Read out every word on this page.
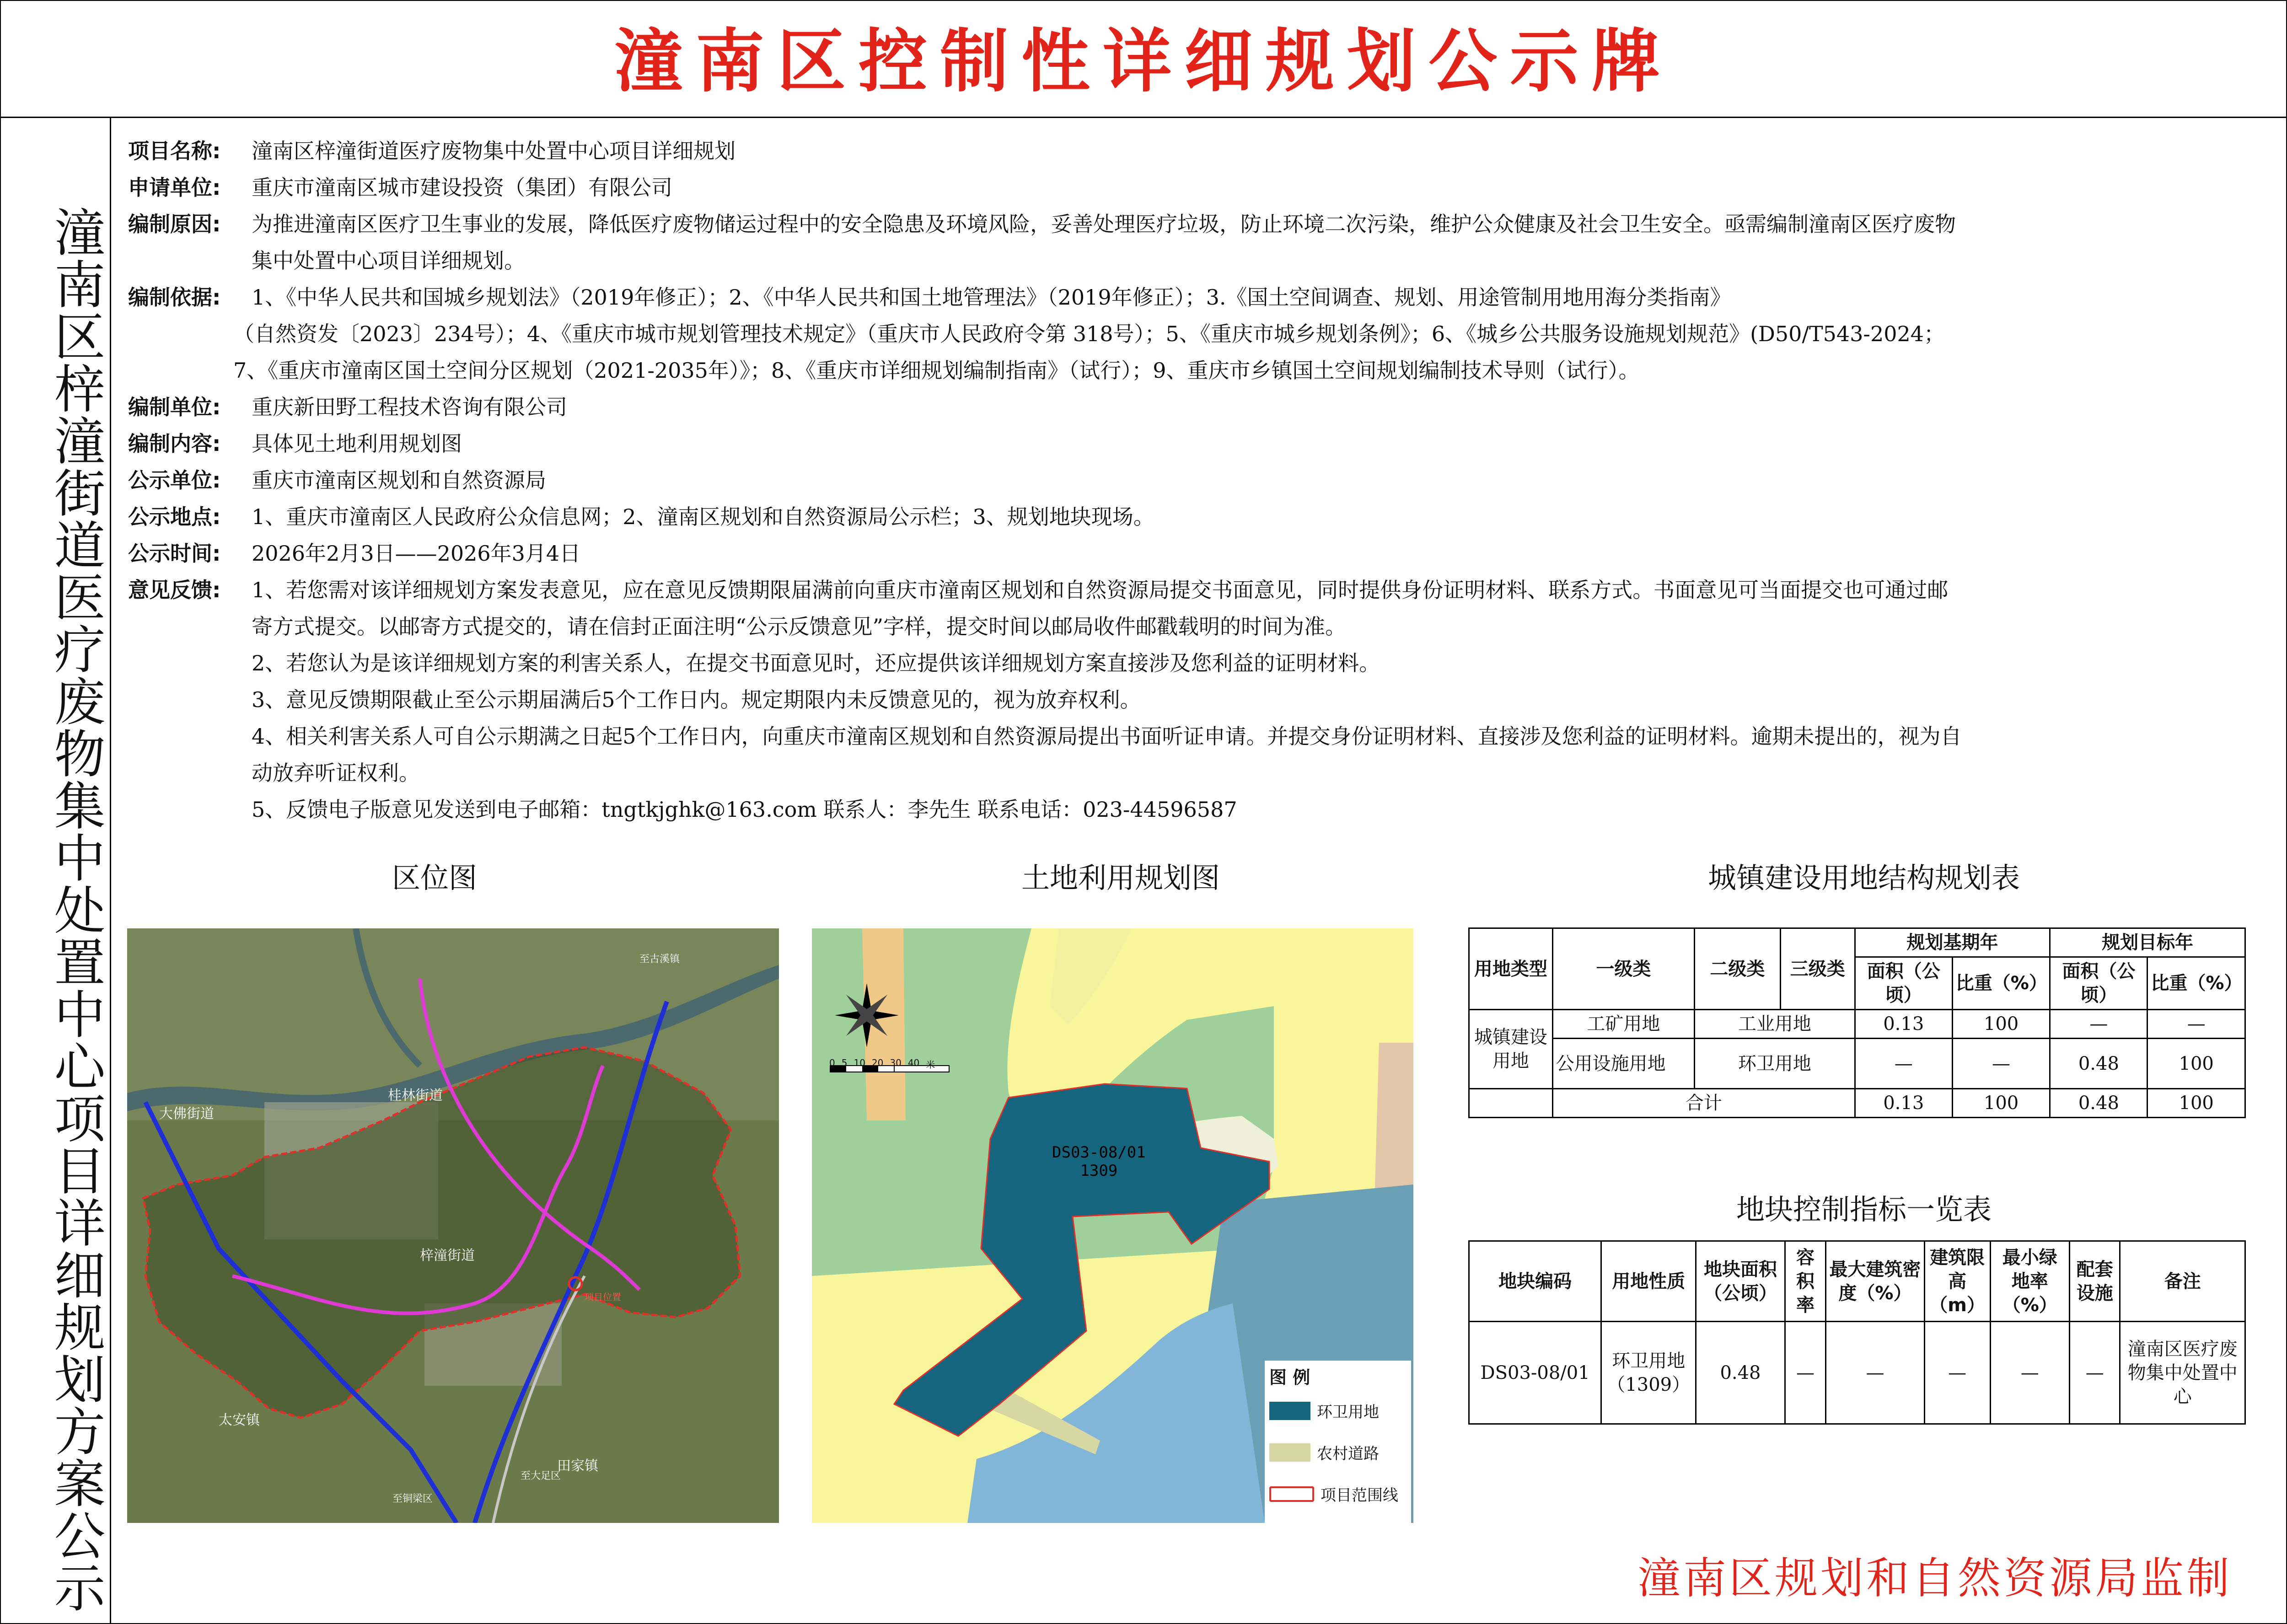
潼南区控制性详细规划公示牌
潼南区梓潼街道医疗废物集中处置中心项目详细规划方案公示
项目名称:	潼南区梓潼街道医疗废物集中处置中心项目详细规划
申请单位:	重庆市潼南区城市建设投资（集团）有限公司
编制原因:	为推进潼南区医疗卫生事业的发展，降低医疗废物储运过程中的安全隐患及环境风险，妥善处理医疗垃圾，防止环境二次污染，维护公众健康及社会卫生安全。亟需编制潼南区医疗废物
集中处置中心项目详细规划。
编制依据:	1、《中华人民共和国城乡规划法》（2019年修正）；2、《中华人民共和国土地管理法》（2019年修正）；3.《国土空间调查、规划、用途管制用地用海分类指南》
（自然资发〔2023〕234号）；4、《重庆市城市规划管理技术规定》（重庆市人民政府令第 318号）；5、《重庆市城乡规划条例》；6、《城乡公共服务设施规划规范》(D50/T543-2024；
7、《重庆市潼南区国土空间分区规划（2021-2035年）》；8、《重庆市详细规划编制指南》（试行）；9、重庆市乡镇国土空间规划编制技术导则（试行）。
编制单位:	重庆新田野工程技术咨询有限公司
编制内容:	具体见土地利用规划图
公示单位:	重庆市潼南区规划和自然资源局
公示地点:	1、重庆市潼南区人民政府公众信息网；2、潼南区规划和自然资源局公示栏；3、规划地块现场。
公示时间:	2026年2月3日——2026年3月4日
意见反馈:	1、若您需对该详细规划方案发表意见，应在意见反馈期限届满前向重庆市潼南区规划和自然资源局提交书面意见，同时提供身份证明材料、联系方式。书面意见可当面提交也可通过邮
寄方式提交。以邮寄方式提交的，请在信封正面注明“公示反馈意见”字样，提交时间以邮局收件邮戳载明的时间为准。
2、若您认为是该详细规划方案的利害关系人，在提交书面意见时，还应提供该详细规划方案直接涉及您利益的证明材料。
3、意见反馈期限截止至公示期届满后5个工作日内。规定期限内未反馈意见的，视为放弃权利。
4、相关利害关系人可自公示期满之日起5个工作日内，向重庆市潼南区规划和自然资源局提出书面听证申请。并提交身份证明材料、直接涉及您利益的证明材料。逾期未提出的，视为自
动放弃听证权利。
5、反馈电子版意见发送到电子邮箱：tngtkjghk@163.com 联系人：李先生 联系电话：023-44596587
区位图	土地利用规划图	城镇建设用地结构规划表
桂林街道
大佛街道
梓潼街道
太安镇
田家镇
项目位置
至古溪镇
至铜梁区
至大足区
0 5 10 20 30 40 米
DS03-08/01
1309
图 例
环卫用地
农村道路
项目范围线
用地类型	一级类	二级类	三级类	规划基期年		规划目标年	
				面积（公顷）	比重（%）	面积（公顷）	比重（%）
城镇建设用地	工矿用地	工业用地		0.13	100	—	—
	公用设施用地	环卫用地		—	—	0.48	100
	合计			0.13	100	0.48	100
地块控制指标一览表
地块编码	用地性质	地块面积（公顷）	容积率	最大建筑密度（%）	建筑限高（m）	最小绿地率（%）	配套设施	备注
DS03-08/01	环卫用地（1309）	0.48	—	—	—	—	—	潼南区医疗废物集中处置中心
潼南区规划和自然资源局监制
